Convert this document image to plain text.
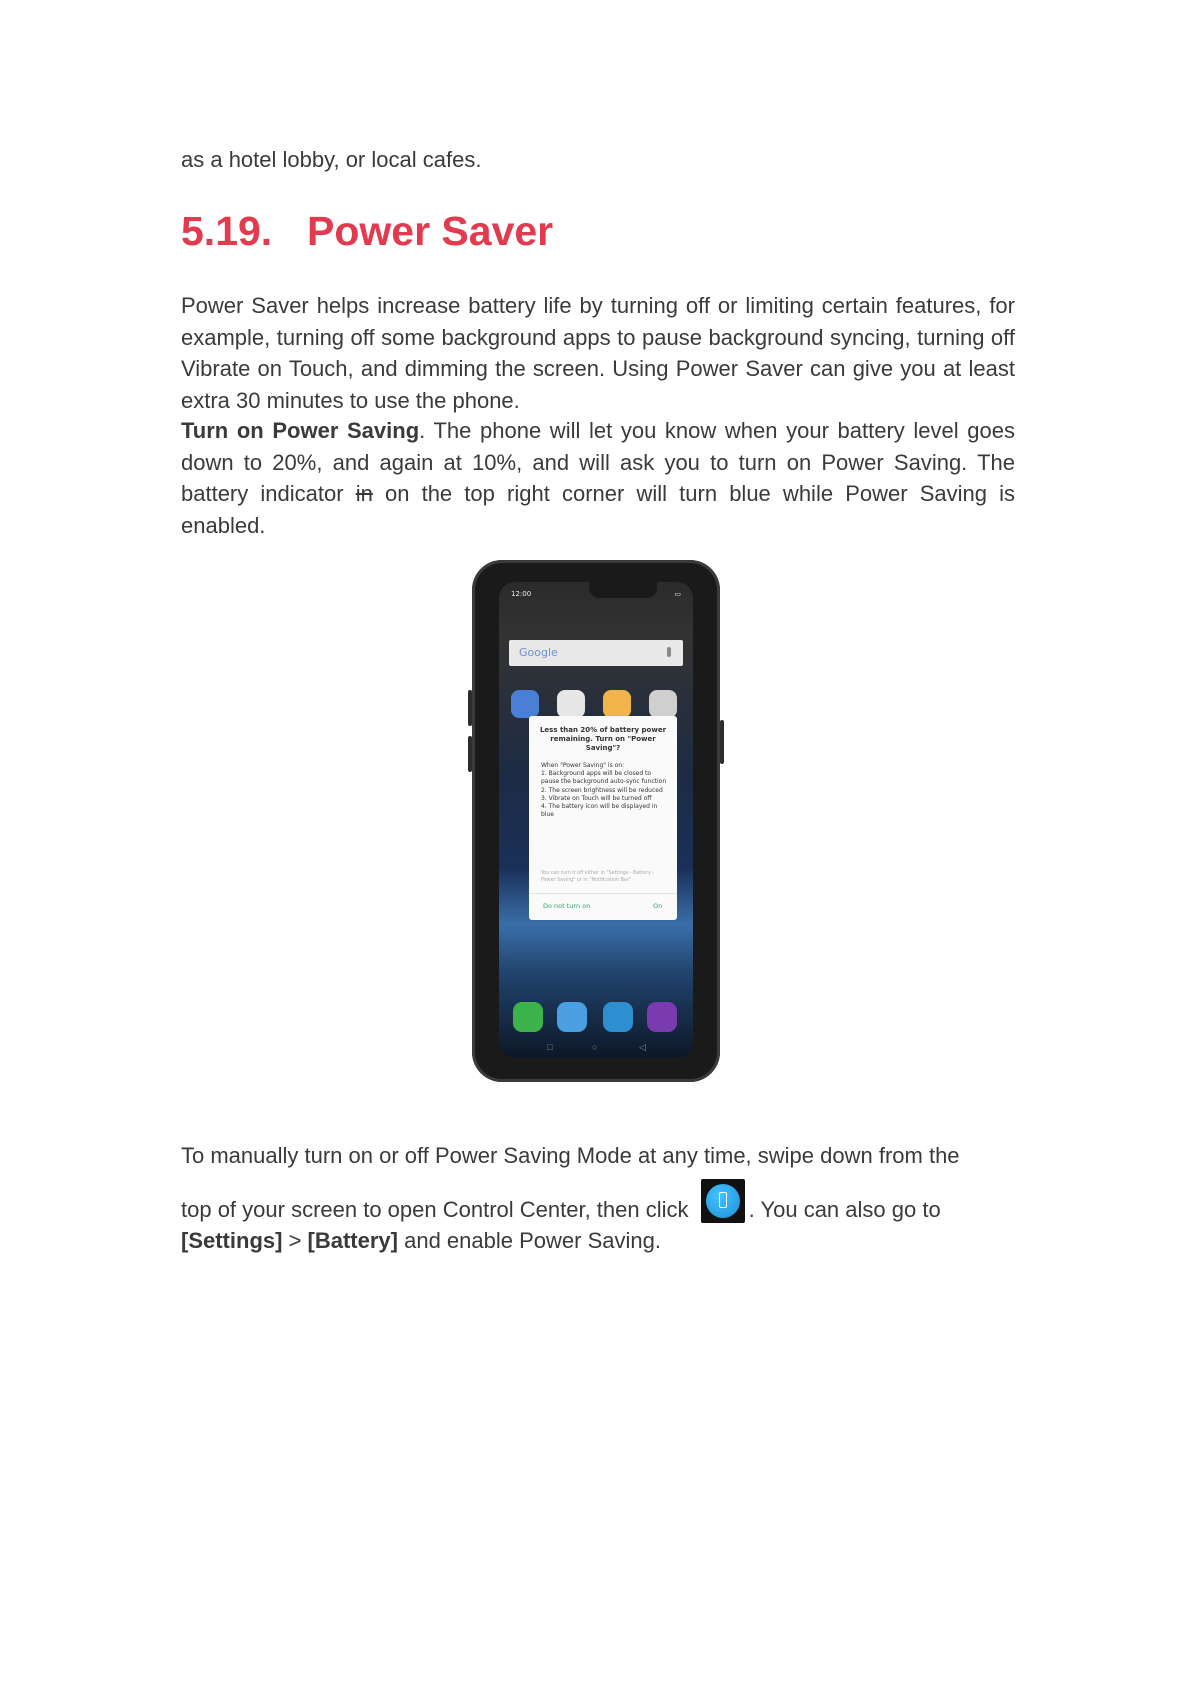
as a hotel lobby, or local cafes.

5.19. Power Saver

Power Saver helps increase battery life by turning off or limiting certain features, for example, turning off some background apps to pause background syncing, turning off Vibrate on Touch, and dimming the screen. Using Power Saver can give you at least extra 30 minutes to use the phone.

Turn on Power Saving. The phone will let you know when your battery level goes down to 20%, and again at 10%, and will ask you to turn on Power Saving. The battery indicator in on the top right corner will turn blue while Power Saving is enabled.

To manually turn on or off Power Saving Mode at any time, swipe down from the
top of your screen to open Control Center, then click
. You can also go to
[Settings] > [Battery] and enable Power Saving.

12:00	▭
Google
Less than 20% of battery power remaining. Turn on "Power Saving"?
When "Power Saving" is on:
1. Background apps will be closed to pause the background auto-sync function
2. The screen brightness will be reduced
3. Vibrate on Touch will be turned off
4. The battery icon will be displayed in blue
You can turn it off either in "Settings - Battery - Power Saving" or in "Notification Bar"
Do not turn on	On
□	○	◁
